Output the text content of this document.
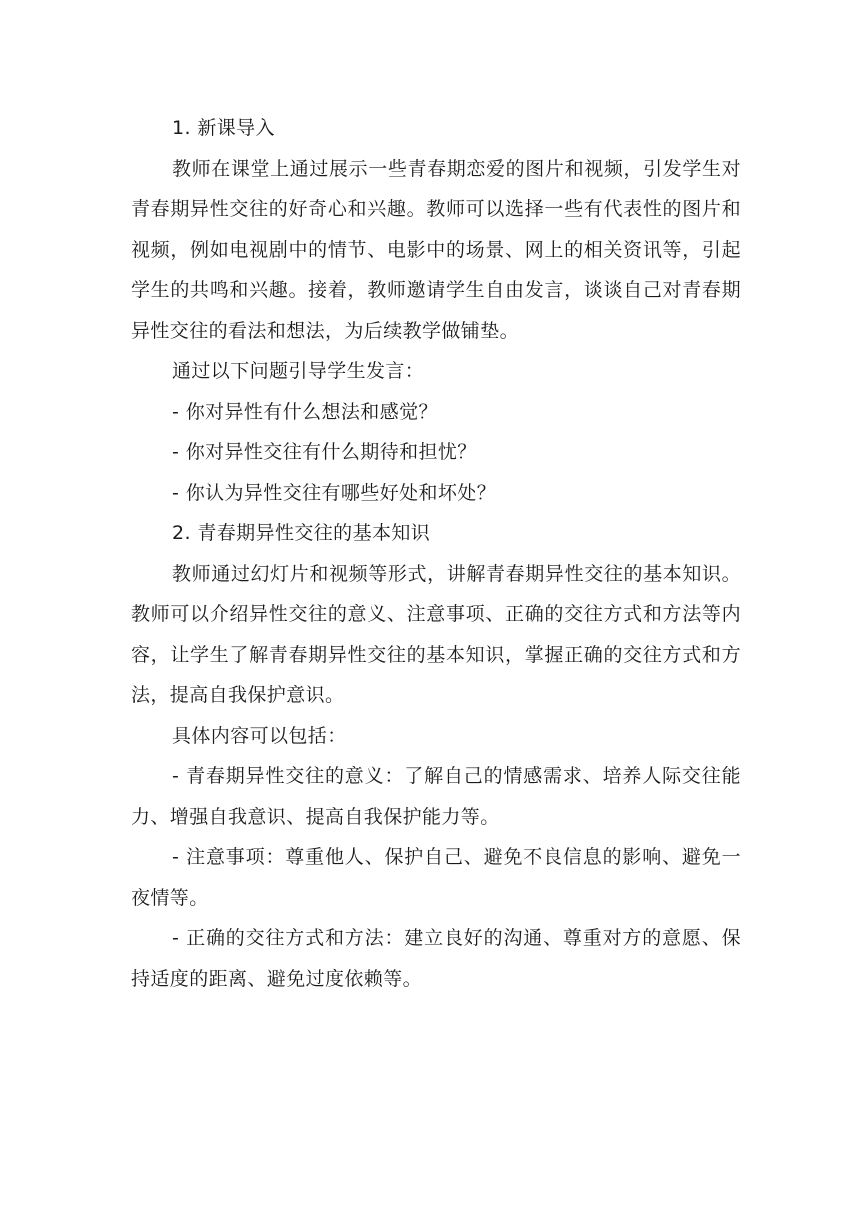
1. 新课导入

教师在课堂上通过展示一些青春期恋爱的图片和视频，引发学生对青春期异性交往的好奇心和兴趣。教师可以选择一些有代表性的图片和视频，例如电视剧中的情节、电影中的场景、网上的相关资讯等，引起学生的共鸣和兴趣。接着，教师邀请学生自由发言，谈谈自己对青春期异性交往的看法和想法，为后续教学做铺垫。

通过以下问题引导学生发言：

- 你对异性有什么想法和感觉？

- 你对异性交往有什么期待和担忧？

- 你认为异性交往有哪些好处和坏处？

2. 青春期异性交往的基本知识

教师通过幻灯片和视频等形式，讲解青春期异性交往的基本知识。教师可以介绍异性交往的意义、注意事项、正确的交往方式和方法等内容，让学生了解青春期异性交往的基本知识，掌握正确的交往方式和方法，提高自我保护意识。

具体内容可以包括：

- 青春期异性交往的意义：了解自己的情感需求、培养人际交往能力、增强自我意识、提高自我保护能力等。

- 注意事项：尊重他人、保护自己、避免不良信息的影响、避免一夜情等。

- 正确的交往方式和方法：建立良好的沟通、尊重对方的意愿、保持适度的距离、避免过度依赖等。
